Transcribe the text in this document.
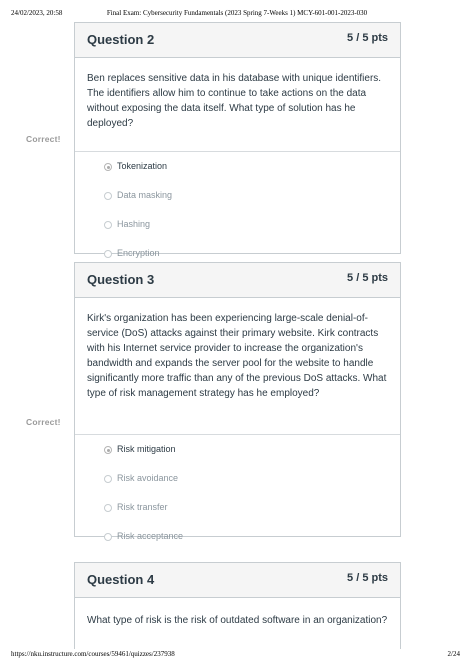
24/02/2023, 20:58	Final Exam: Cybersecurity Fundamentals (2023 Spring 7-Weeks 1) MCY-601-001-2023-030
Question 2	5 / 5 pts
Ben replaces sensitive data in his database with unique identifiers. The identifiers allow him to continue to take actions on the data without exposing the data itself. What type of solution has he deployed?
Tokenization
Data masking
Hashing
Encryption
Correct!
Question 3	5 / 5 pts
Kirk's organization has been experiencing large-scale denial-of-service (DoS) attacks against their primary website. Kirk contracts with his Internet service provider to increase the organization's bandwidth and expands the server pool for the website to handle significantly more traffic than any of the previous DoS attacks. What type of risk management strategy has he employed?
Risk mitigation
Risk avoidance
Risk transfer
Risk acceptance
Correct!
Question 4	5 / 5 pts
What type of risk is the risk of outdated software in an organization?
https://nku.instructure.com/courses/59461/quizzes/237938	2/24
